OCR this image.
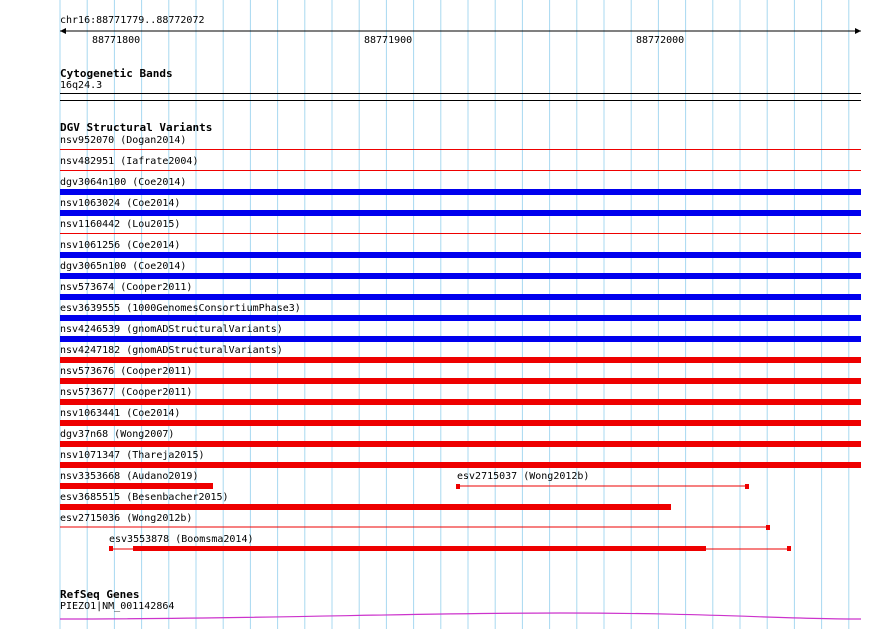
chr16:88771779..88772072
88771800	88771900	88772000
Cytogenetic Bands
16q24.3
DGV Structural Variants
nsv952070 (Dogan2014)
nsv482951 (Iafrate2004)
dgv3064n100 (Coe2014)
nsv1063024 (Coe2014)
nsv1160442 (Lou2015)
nsv1061256 (Coe2014)
dgv3065n100 (Coe2014)
nsv573674 (Cooper2011)
esv3639555 (1000GenomesConsortiumPhase3)
nsv4246539 (gnomADStructuralVariants)
nsv4247182 (gnomADStructuralVariants)
nsv573676 (Cooper2011)
nsv573677 (Cooper2011)
nsv1063441 (Coe2014)
dgv37n68 (Wong2007)
nsv1071347 (Thareja2015)
nsv3353668 (Audano2019)	esv2715037 (Wong2012b)
esv3685515 (Besenbacher2015)
esv2715036 (Wong2012b)
esv3553878 (Boomsma2014)
RefSeq Genes
PIEZO1|NM_001142864
